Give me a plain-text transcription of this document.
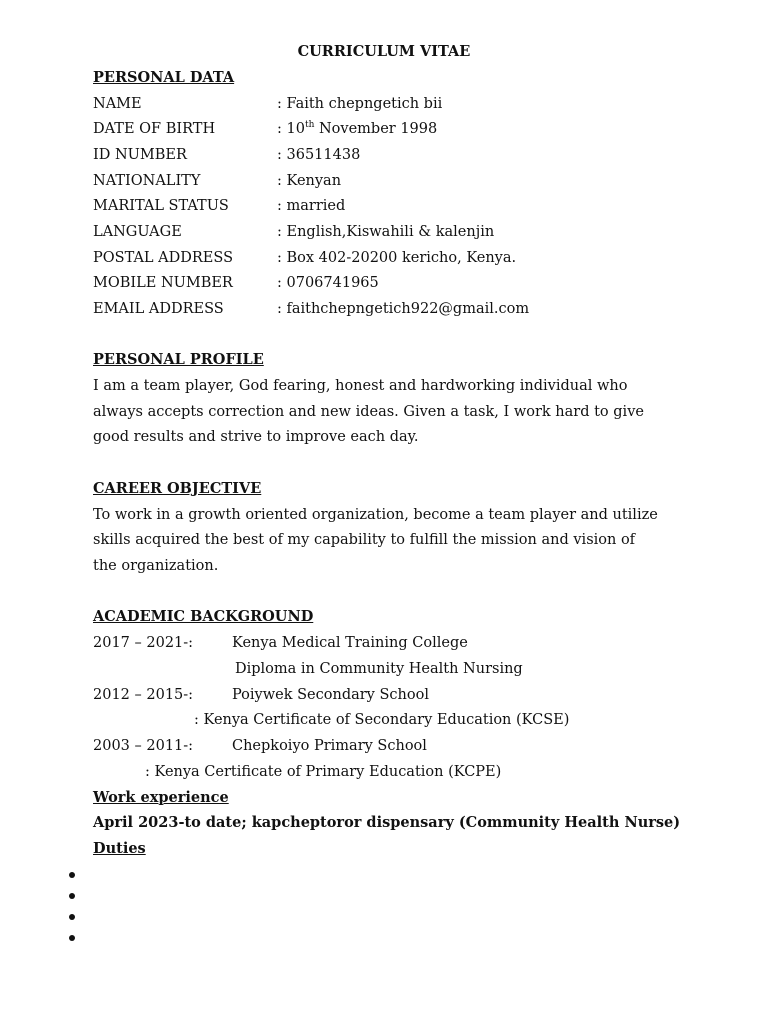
CURRICULUM VITAE
PERSONAL DATA
NAME	: Faith chepngetich bii
DATE OF BIRTH	: 10th November 1998
ID NUMBER	: 36511438
NATIONALITY	: Kenyan
MARITAL STATUS	: married
LANGUAGE	: English,Kiswahili & kalenjin
POSTAL ADDRESS	: Box 402-20200 kericho, Kenya.
MOBILE NUMBER	: 0706741965
EMAIL ADDRESS	: faithchepngetich922@gmail.com
PERSONAL PROFILE
I am a team player, God fearing, honest and hardworking individual who
always accepts correction and new ideas. Given a task, I work hard to give
good results and strive to improve each day.
CAREER OBJECTIVE
To work in a growth oriented organization, become a team player and utilize
skills acquired the best of my capability to fulfill the mission and vision of
the organization.
ACADEMIC BACKGROUND
2017 – 2021-:	Kenya Medical Training College
Diploma in Community Health Nursing
2012 – 2015-:	Poiywek Secondary School
: Kenya Certificate of Secondary Education (KCSE)
2003 – 2011-:	Chepkoiyo Primary School
: Kenya Certificate of Primary Education (KCPE)
Work experience
April 2023-to date; kapcheptoror dispensary (Community Health Nurse)
Duties
